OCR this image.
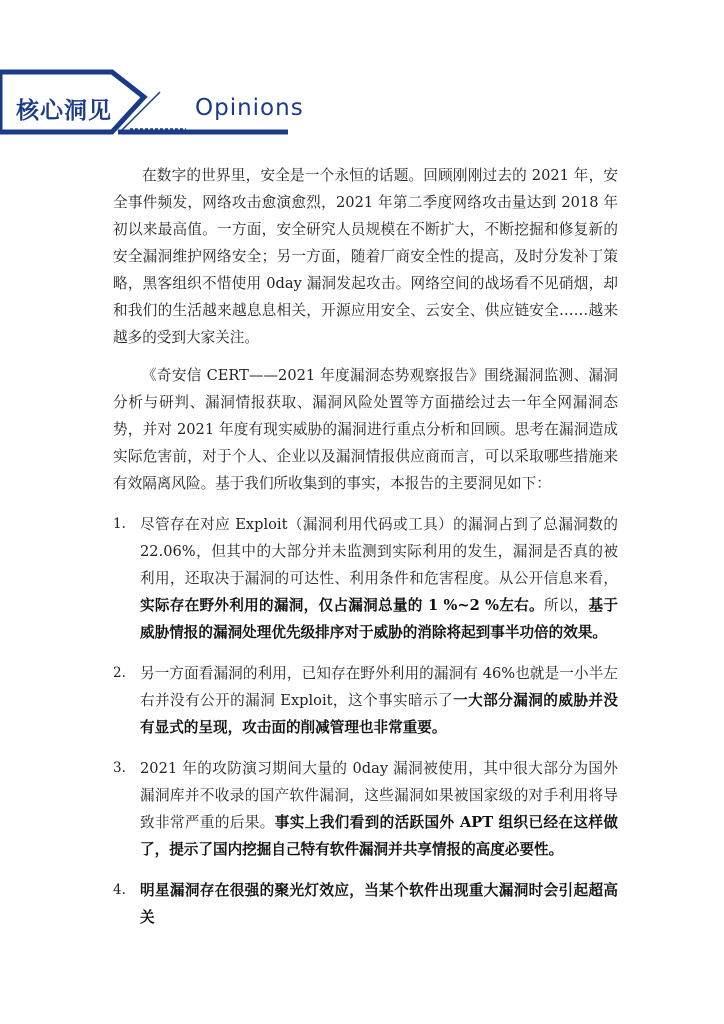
核心洞见	Opinions

在数字的世界里，安全是一个永恒的话题。回顾刚刚过去的 2021 年，安全事件频发，网络攻击愈演愈烈，2021 年第二季度网络攻击量达到 2018 年初以来最高值。一方面，安全研究人员规模在不断扩大，不断挖掘和修复新的安全漏洞维护网络安全；另一方面，随着厂商安全性的提高，及时分发补丁策略，黑客组织不惜使用 0day 漏洞发起攻击。网络空间的战场看不见硝烟，却和我们的生活越来越息息相关，开源应用安全、云安全、供应链安全……越来越多的受到大家关注。

《奇安信 CERT——2021 年度漏洞态势观察报告》围绕漏洞监测、漏洞分析与研判、漏洞情报获取、漏洞风险处置等方面描绘过去一年全网漏洞态势，并对 2021 年度有现实威胁的漏洞进行重点分析和回顾。思考在漏洞造成实际危害前，对于个人、企业以及漏洞情报供应商而言，可以采取哪些措施来有效隔离风险。基于我们所收集到的事实，本报告的主要洞见如下：

1. 尽管存在对应 Exploit（漏洞利用代码或工具）的漏洞占到了总漏洞数的 22.06%，但其中的大部分并未监测到实际利用的发生，漏洞是否真的被利用，还取决于漏洞的可达性、利用条件和危害程度。从公开信息来看，实际存在野外利用的漏洞，仅占漏洞总量的 1 %~2 %左右。所以，基于威胁情报的漏洞处理优先级排序对于威胁的消除将起到事半功倍的效果。
2. 另一方面看漏洞的利用，已知存在野外利用的漏洞有 46%也就是一小半左右并没有公开的漏洞 Exploit，这个事实暗示了一大部分漏洞的威胁并没有显式的呈现，攻击面的削减管理也非常重要。
3. 2021 年的攻防演习期间大量的 0day 漏洞被使用，其中很大部分为国外漏洞库并不收录的国产软件漏洞，这些漏洞如果被国家级的对手利用将导致非常严重的后果。事实上我们看到的活跃国外 APT 组织已经在这样做了，提示了国内挖掘自己特有软件漏洞并共享情报的高度必要性。
4. 明星漏洞存在很强的聚光灯效应，当某个软件出现重大漏洞时会引起超高关
